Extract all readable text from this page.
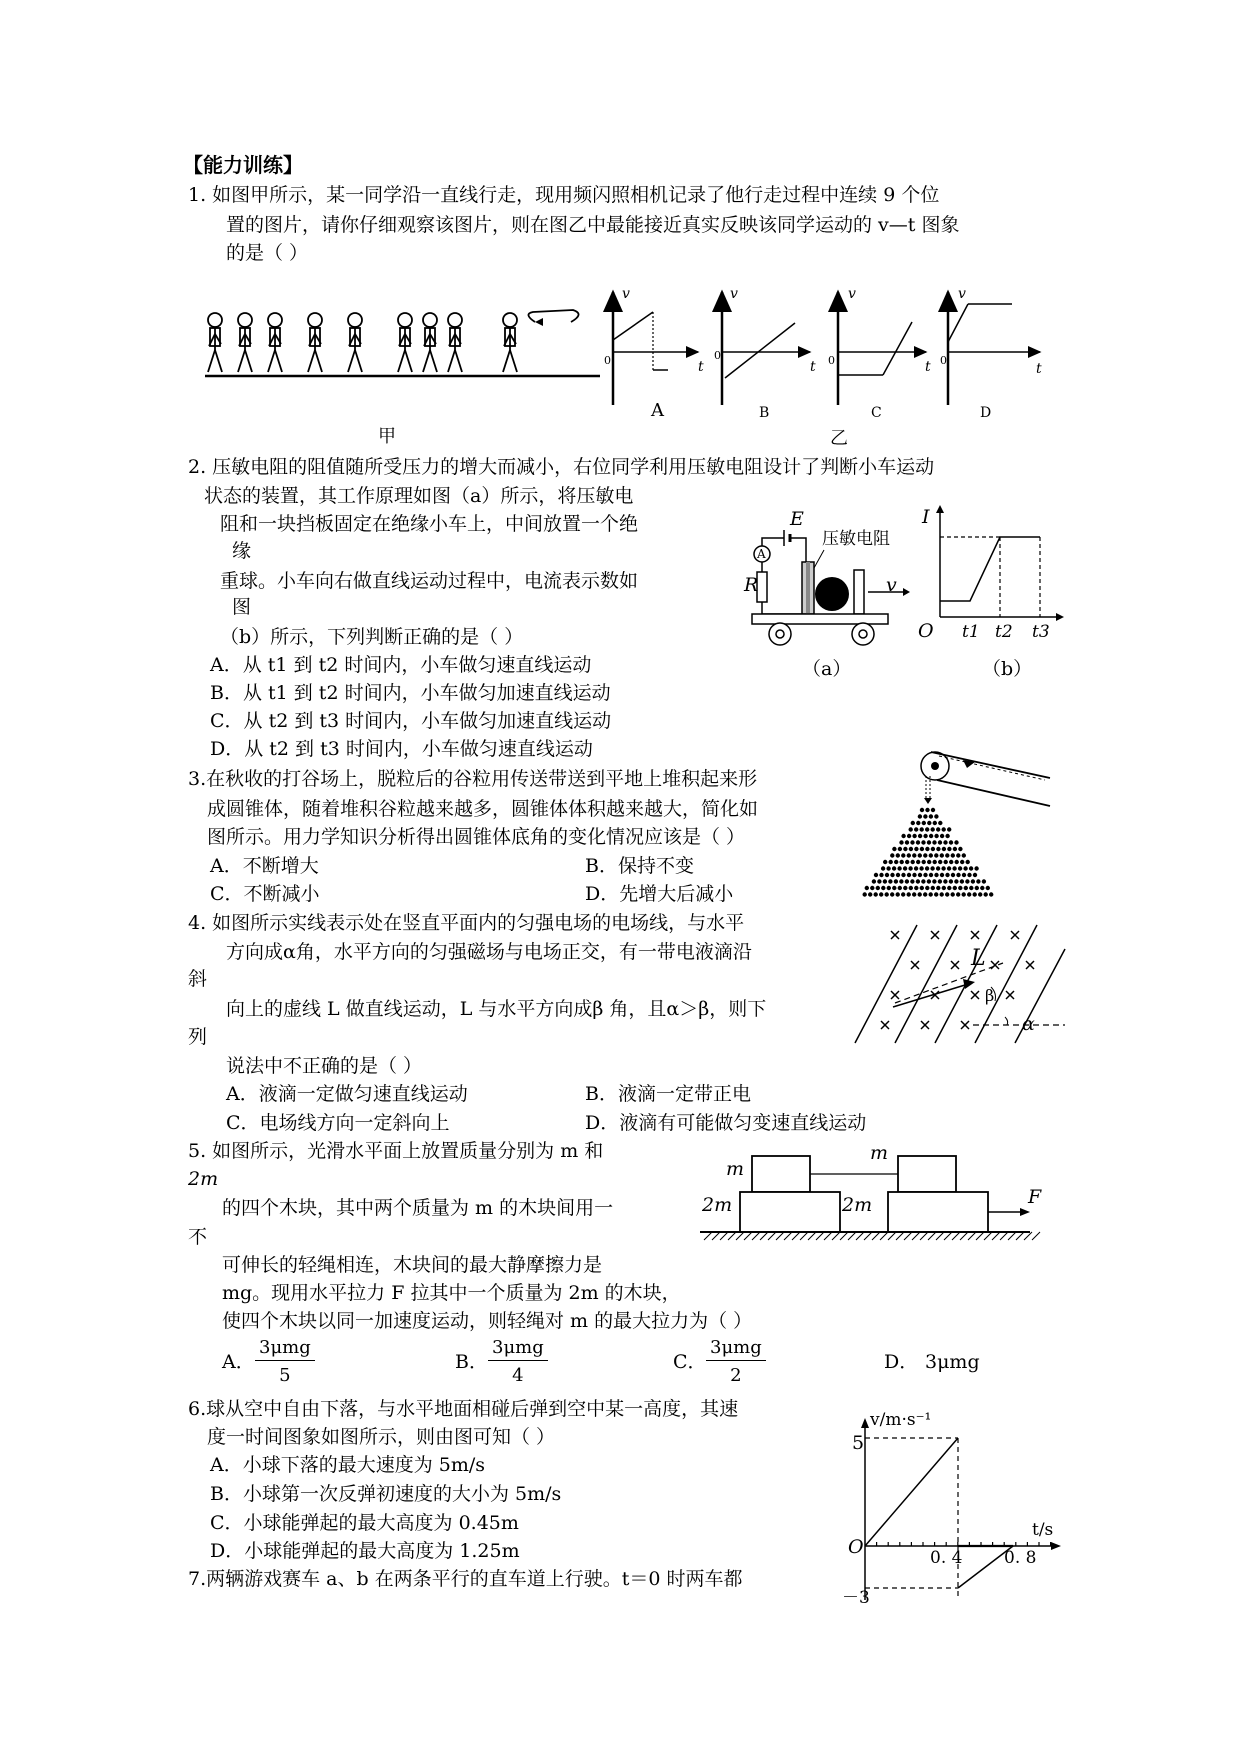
【能力训练】
1. 如图甲所示，某一同学沿一直线行走，现用频闪照相机记录了他行走过程中连续 9 个位
置的图片，请你仔细观察该图片，则在图乙中最能接近真实反映该同学运动的 v—t 图象
的是（ ）
甲
v	v	v	v
0	0	0	0
t	t	t	t
A	B	C	D
乙
2. 压敏电阻的阻值随所受压力的增大而减小，右位同学利用压敏电阻设计了判断小车运动
状态的装置，其工作原理如图（a）所示，将压敏电
阻和一块挡板固定在绝缘小车上，中间放置一个绝
缘
重球。小车向右做直线运动过程中，电流表示数如
图
（b）所示，下列判断正确的是（ ）
A．从 t1 到 t2 时间内，小车做匀速直线运动
B．从 t1 到 t2 时间内，小车做匀加速直线运动
C．从 t2 到 t3 时间内，小车做匀加速直线运动
D．从 t2 到 t3 时间内，小车做匀速直线运动
E
A
R
压敏电阻
v
（a）
I
O t1 t2 t3
（b）
3.在秋收的打谷场上，脱粒后的谷粒用传送带送到平地上堆积起来形
成圆锥体，随着堆积谷粒越来越多，圆锥体体积越来越大，简化如
图所示。用力学知识分析得出圆锥体底角的变化情况应该是（ ）
A．不断增大	B．保持不变
C．不断减小	D．先增大后减小
4. 如图所示实线表示处在竖直平面内的匀强电场的电场线，与水平
方向成α角，水平方向的匀强磁场与电场正交，有一带电液滴沿
斜
向上的虚线 L 做直线运动，L 与水平方向成β 角，且α＞β，则下
列
说法中不正确的是（ ）
A．液滴一定做匀速直线运动	B．液滴一定带正电
C．电场线方向一定斜向上	D．液滴有可能做匀变速直线运动
L
β
α
5. 如图所示，光滑水平面上放置质量分别为 m 和
2m
的四个木块，其中两个质量为 m 的木块间用一
不
可伸长的轻绳相连，木块间的最大静摩擦力是
mg。现用水平拉力 F 拉其中一个质量为 2m 的木块，
使四个木块以同一加速度运动，则轻绳对 m 的最大拉力为（ ）
m
m
2m	2m	F
A．
3μmg
5
B．
3μmg
4
C．
3μmg
2
D． 3μmg
6.球从空中自由下落，与水平地面相碰后弹到空中某一高度，其速
度一时间图象如图所示，则由图可知（ ）
A．小球下落的最大速度为 5m/s
B．小球第一次反弹初速度的大小为 5m/s
C．小球能弹起的最大高度为 0.45m
D．小球能弹起的最大高度为 1.25m
7.两辆游戏赛车 a、b 在两条平行的直车道上行驶。t＝0 时两车都
v/m·s⁻¹
5
O
t/s
0. 4 0. 8
－3
